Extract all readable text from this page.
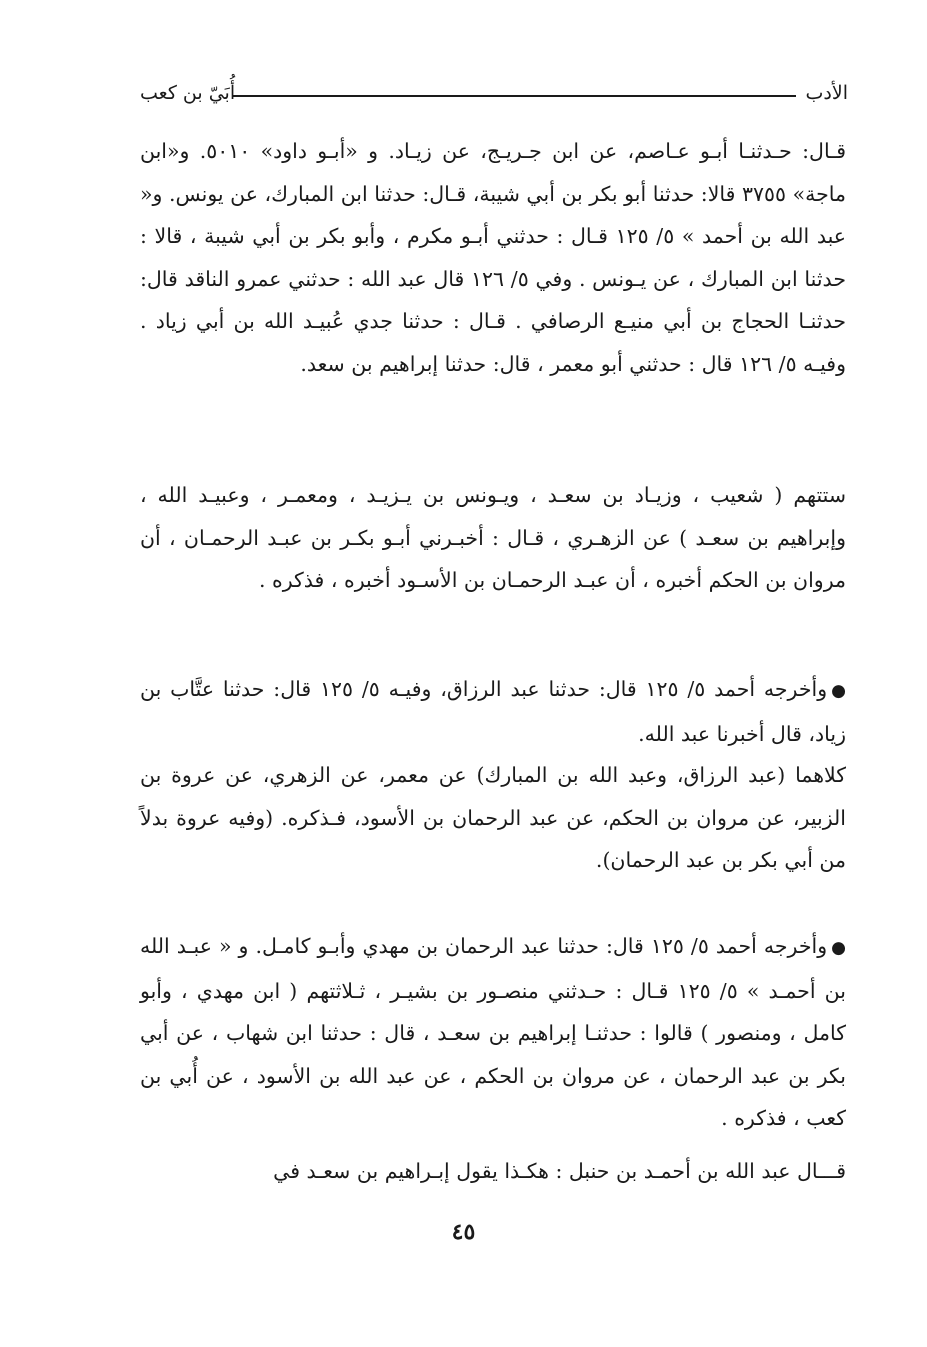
الأدب
أُبَيّ بن كعب
قـال: حـدثنـا أبـو عـاصم، عن ابن جـريـج، عن زيـاد. و «أبـو داود» ٥٠١٠. و«ابن ماجة» ٣٧٥٥ قالا: حدثنا أبو بكر بن أبي شيبة، قـال: حدثنا ابن المبارك، عن يونس. و« عبد الله بن أحمد » ٥/ ١٢٥ قـال : حدثني أبـو مكرم ، وأبو بكر بن أبي شيبة ، قالا : حدثنا ابن المبارك ، عن يـونس . وفي ٥/ ١٢٦ قال عبد الله : حدثني عمرو الناقد قال: حدثنـا الحجاج بن أبي منيـع الرصافي . قـال : حدثنا جدي عُبيـد الله بن أبي زياد . وفيـه ٥/ ١٢٦ قال : حدثني أبو معمر ، قال: حدثنا إبراهيم بن سعد.
ستتهم ( شعيب ، وزيـاد بن سعـد ، ويـونس بن يـزيـد ، ومعمـر ، وعبيـد الله ، وإبراهيم بن سعـد ) عن الزهـري ، قـال : أخبـرني أبـو بكـر بن عبـد الرحمـان ، أن مروان بن الحكم أخبره ، أن عبـد الرحمـان بن الأسـود أخبره ، فذكره .
●وأخرجه أحمد ٥/ ١٢٥ قال: حدثنا عبد الرزاق، وفيـه ٥/ ١٢٥ قال: حدثنا عتَّاب بن زياد، قال أخبرنا عبد الله.
كلاهما (عبد الرزاق، وعبد الله بن المبارك) عن معمر، عن الزهري، عن عروة بن الزبير، عن مروان بن الحكم، عن عبد الرحمان بن الأسود، فـذكره. (وفيه عروة بدلاً من أبي بكر بن عبد الرحمان).
●وأخرجه أحمد ٥/ ١٢٥ قال: حدثنا عبد الرحمان بن مهدي وأبـو كامـل. و « عبـد الله بن أحمـد » ٥/ ١٢٥ قـال : حـدثني منصـور بن بشيـر ، ثـلاثتهم ( ابن مهدي ، وأبو كامل ، ومنصور ) قالوا : حدثنـا إبراهيم بن سعـد ، قال : حدثنا ابن شهاب ، عن أبي بكر بن عبد الرحمان ، عن مروان بن الحكم ، عن عبد الله بن الأسود ، عن أُبي بن كعب ، فذكره .
قـــال عبد الله بن أحمـد بن حنبل : هكـذا يقول إبـراهيم بن سعـد في
٤٥
